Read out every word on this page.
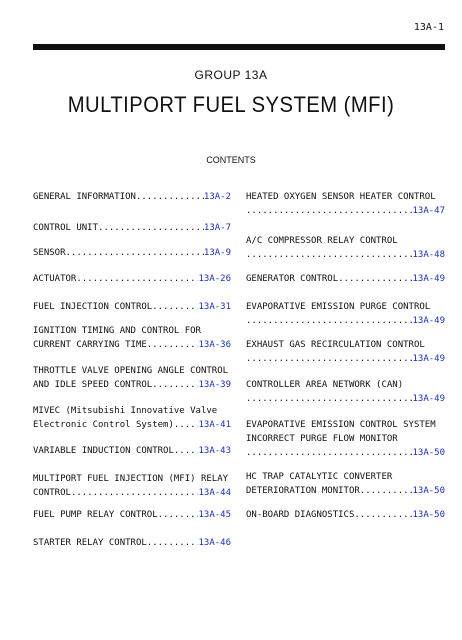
13A-1
GROUP 13A
MULTIPORT FUEL SYSTEM (MFI)
CONTENTS
GENERAL INFORMATION .....	13A-2
CONTROL UNIT .....	13A-7
SENSOR .....	13A-9
ACTUATOR .....	13A-26
FUEL INJECTION CONTROL .....	13A-31
IGNITION TIMING AND CONTROL FOR
CURRENT CARRYING TIME .....	13A-36
THROTTLE VALVE OPENING ANGLE CONTROL
AND IDLE SPEED CONTROL .....	13A-39
MIVEC (Mitsubishi Innovative Valve
Electronic Control System) .....	13A-41
VARIABLE INDUCTION CONTROL .....	13A-43
MULTIPORT FUEL INJECTION (MFI) RELAY
CONTROL .....	13A-44
FUEL PUMP RELAY CONTROL .....	13A-45
STARTER RELAY CONTROL .....	13A-46
HEATED OXYGEN SENSOR HEATER CONTROL
.....
13A-47
A/C COMPRESSOR RELAY CONTROL
.....
13A-48
GENERATOR CONTROL .....	13A-49
EVAPORATIVE EMISSION PURGE CONTROL
.....
13A-49
EXHAUST GAS RECIRCULATION CONTROL
.....
13A-49
CONTROLLER AREA NETWORK (CAN)
.....
13A-49
EVAPORATIVE EMISSION CONTROL SYSTEM
INCORRECT PURGE FLOW MONITOR
.....
13A-50
HC TRAP CATALYTIC CONVERTER
DETERIORATION MONITOR .....	13A-50
ON-BOARD DIAGNOSTICS .....	13A-50
